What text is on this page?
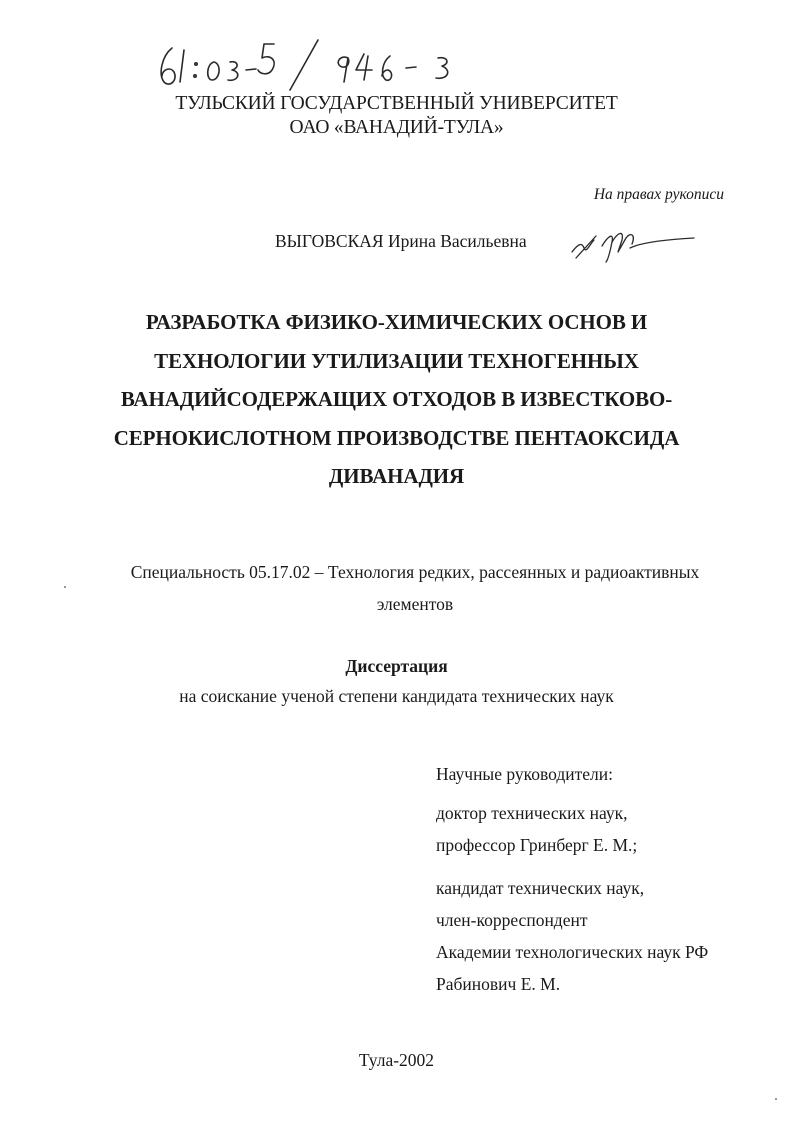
ТУЛЬСКИЙ ГОСУДАРСТВЕННЫЙ УНИВЕРСИТЕТ
ОАО «ВАНАДИЙ-ТУЛА»
На правах рукописи
ВЫГОВСКАЯ Ирина Васильевна
РАЗРАБОТКА ФИЗИКО-ХИМИЧЕСКИХ ОСНОВ И
ТЕХНОЛОГИИ УТИЛИЗАЦИИ ТЕХНОГЕННЫХ
ВАНАДИЙСОДЕРЖАЩИХ ОТХОДОВ В ИЗВЕСТКОВО-
СЕРНОКИСЛОТНОМ ПРОИЗВОДСТВЕ ПЕНТАОКСИДА
ДИВАНАДИЯ
Специальность 05.17.02 – Технология редких, рассеянных и радиоактивных
элементов
Диссертация
на соискание ученой степени кандидата технических наук
Научные руководители:
доктор технических наук,
профессор Гринберг Е. М.;
кандидат технических наук,
член-корреспондент
Академии технологических наук РФ
Рабинович Е. М.
Тула-2002
